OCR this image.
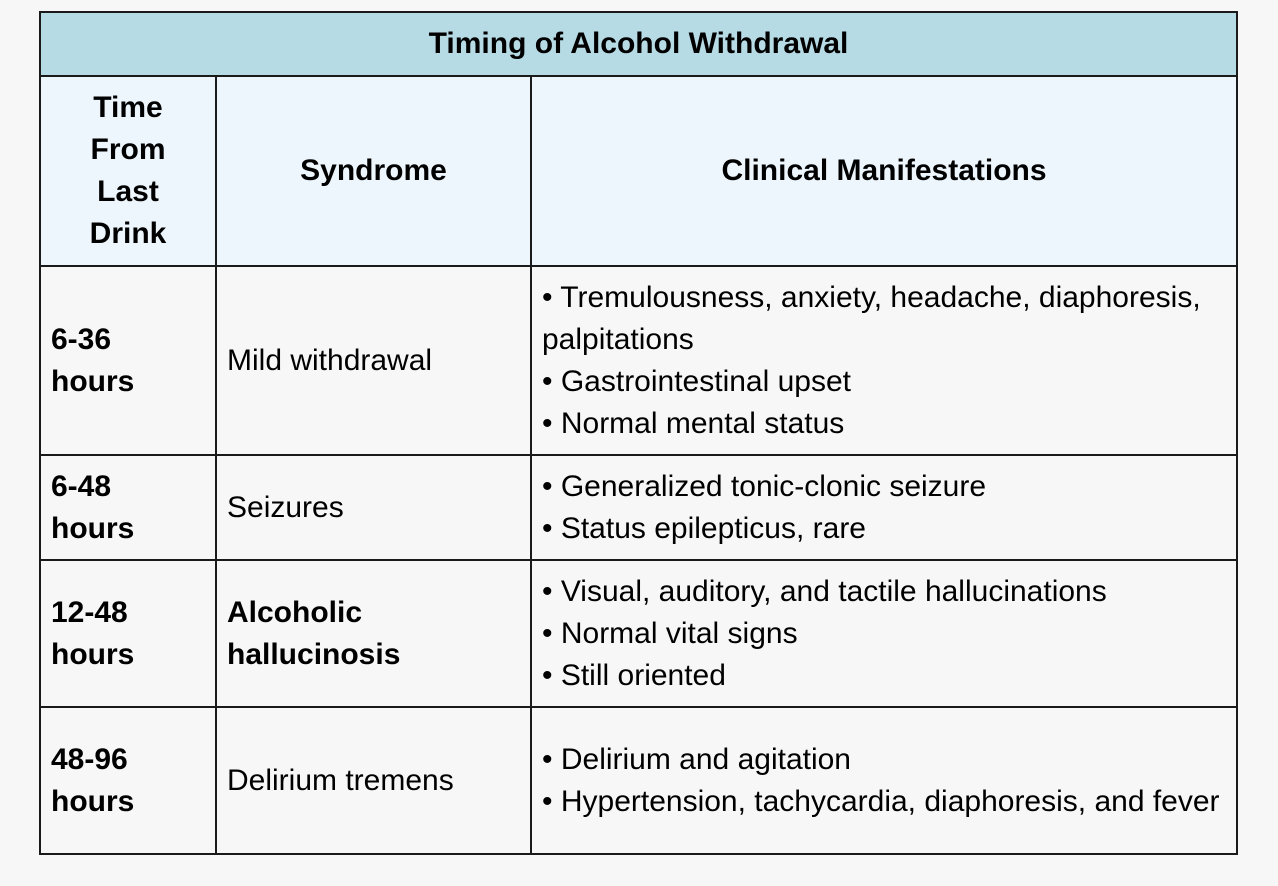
Timing of Alcohol Withdrawal		
Time From Last Drink	Syndrome	Clinical Manifestations
6-36 hours	Mild withdrawal	• Tremulousness, anxiety, headache, diaphoresis, palpitations
• Gastrointestinal upset
• Normal mental status

6-48 hours	Seizures	• Generalized tonic-clonic seizure
• Status epilepticus, rare

12-48 hours	Alcoholic hallucinosis	• Visual, auditory, and tactile hallucinations
• Normal vital signs
• Still oriented

48-96 hours	Delirium tremens	• Delirium and agitation
• Hypertension, tachycardia, diaphoresis, and fever
